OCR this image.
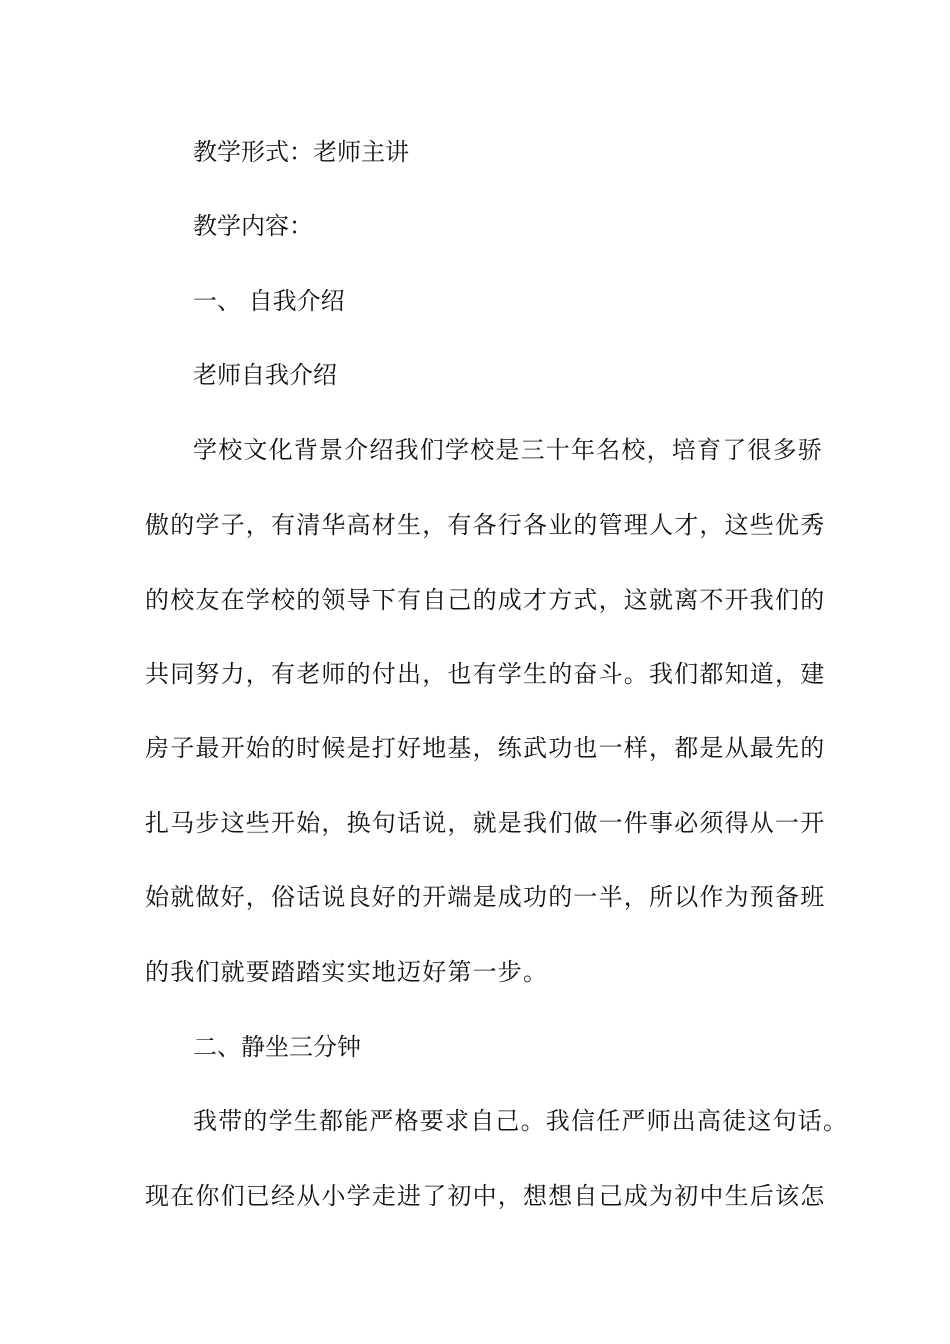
教学形式：老师主讲
教学内容：
一、 自我介绍
老师自我介绍
学校文化背景介绍我们学校是三十年名校，培育了很多骄
傲的学子，有清华高材生，有各行各业的管理人才，这些优秀
的校友在学校的领导下有自己的成才方式，这就离不开我们的
共同努力，有老师的付出，也有学生的奋斗。我们都知道，建
房子最开始的时候是打好地基，练武功也一样，都是从最先的
扎马步这些开始，换句话说，就是我们做一件事必须得从一开
始就做好，俗话说良好的开端是成功的一半，所以作为预备班
的我们就要踏踏实实地迈好第一步。
二、静坐三分钟
我带的学生都能严格要求自己。我信任严师出高徒这句话。
现在你们已经从小学走进了初中，想想自己成为初中生后该怎
